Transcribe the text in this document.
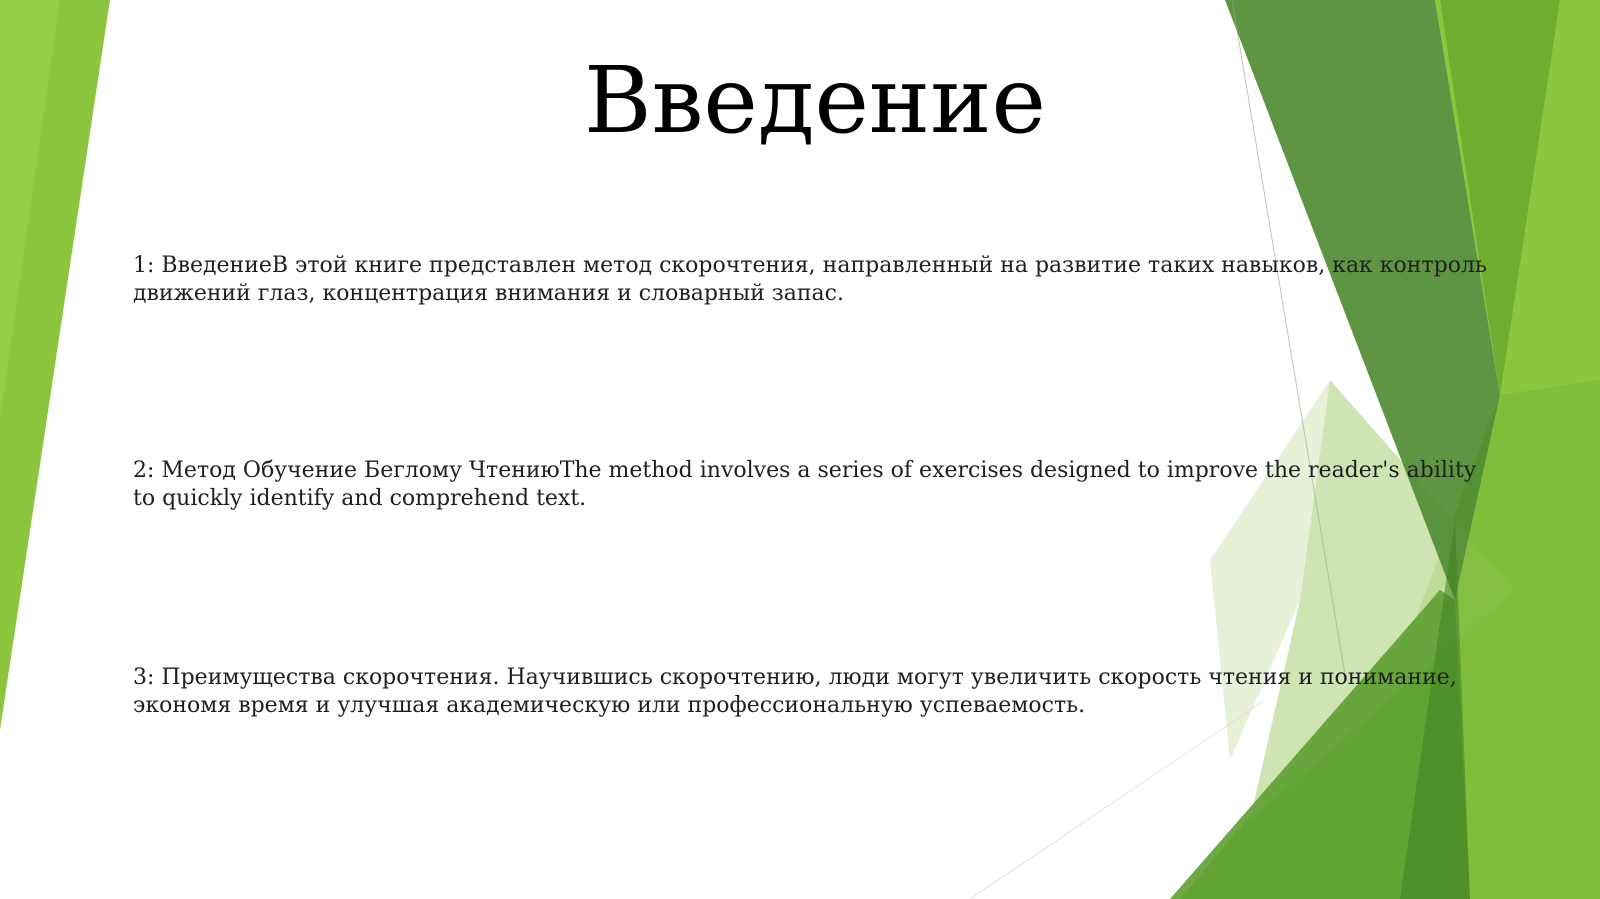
Введение

1: ВведениеВ этой книге представлен метод скорочтения, направленный на развитие таких навыков, как контроль движений глаз, концентрация внимания и словарный запас.

2: Метод Обучение Беглому ЧтениюThe method involves a series of exercises designed to improve the reader's ability to quickly identify and comprehend text.

3: Преимущества скорочтения. Научившись скорочтению, люди могут увеличить скорость чтения и понимание, экономя время и улучшая академическую или профессиональную успеваемость.
